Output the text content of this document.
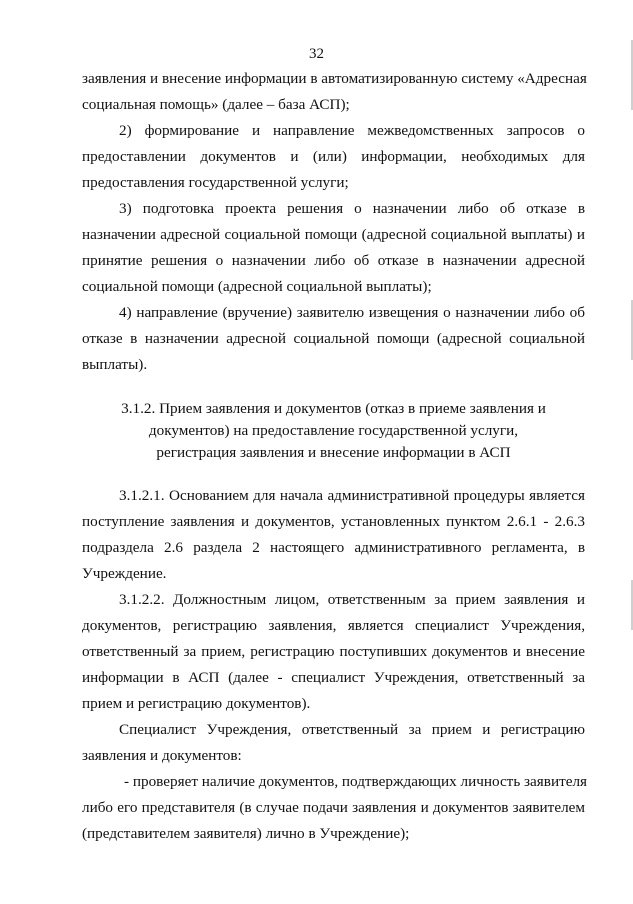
32
заявления и внесение информации в автоматизированную систему «Адресная
социальная помощь» (далее – база АСП);
2) формирование и направление межведомственных запросов о
предоставлении документов и (или) информации, необходимых для
предоставления государственной услуги;
3) подготовка проекта решения о назначении либо об отказе в
назначении адресной социальной помощи (адресной социальной выплаты) и
принятие решения о назначении либо об отказе в назначении адресной
социальной помощи (адресной социальной выплаты);
4) направление (вручение) заявителю извещения о назначении либо об
отказе в назначении адресной социальной помощи (адресной социальной
выплаты).
3.1.2. Прием заявления и документов (отказ в приеме заявления и
документов) на предоставление государственной услуги,
регистрация заявления и внесение информации в АСП
3.1.2.1. Основанием для начала административной процедуры является
поступление заявления и документов, установленных пунктом 2.6.1 - 2.6.3
подраздела 2.6 раздела 2 настоящего административного регламента, в
Учреждение.
3.1.2.2. Должностным лицом, ответственным за прием заявления и
документов, регистрацию заявления, является специалист Учреждения,
ответственный за прием, регистрацию поступивших документов и внесение
информации в АСП (далее - специалист Учреждения, ответственный за
прием и регистрацию документов).
Специалист Учреждения, ответственный за прием и регистрацию
заявления и документов:
- проверяет наличие документов, подтверждающих личность заявителя
либо его представителя (в случае подачи заявления и документов заявителем
(представителем заявителя) лично в Учреждение);
